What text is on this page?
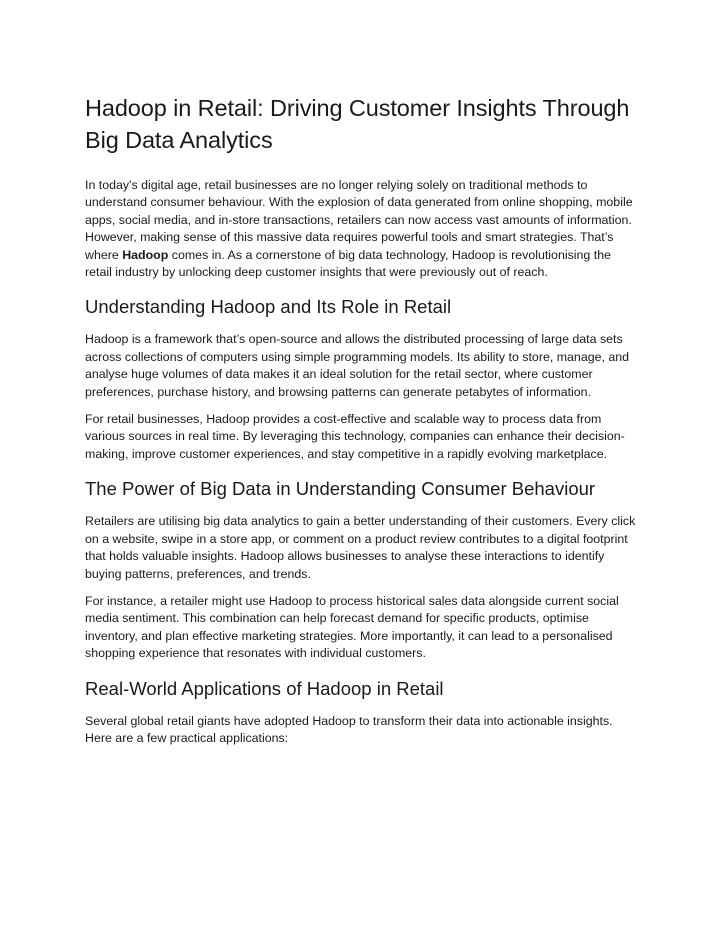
Hadoop in Retail: Driving Customer Insights Through Big Data Analytics

In today's digital age, retail businesses are no longer relying solely on traditional methods to understand consumer behaviour. With the explosion of data generated from online shopping, mobile apps, social media, and in-store transactions, retailers can now access vast amounts of information. However, making sense of this massive data requires powerful tools and smart strategies. That’s where Hadoop comes in. As a cornerstone of big data technology, Hadoop is revolutionising the retail industry by unlocking deep customer insights that were previously out of reach.

Understanding Hadoop and Its Role in Retail

Hadoop is a framework that’s open-source and allows the distributed processing of large data sets across collections of computers using simple programming models. Its ability to store, manage, and analyse huge volumes of data makes it an ideal solution for the retail sector, where customer preferences, purchase history, and browsing patterns can generate petabytes of information.

For retail businesses, Hadoop provides a cost-effective and scalable way to process data from various sources in real time. By leveraging this technology, companies can enhance their decision-making, improve customer experiences, and stay competitive in a rapidly evolving marketplace.

The Power of Big Data in Understanding Consumer Behaviour

Retailers are utilising big data analytics to gain a better understanding of their customers. Every click on a website, swipe in a store app, or comment on a product review contributes to a digital footprint that holds valuable insights. Hadoop allows businesses to analyse these interactions to identify buying patterns, preferences, and trends.

For instance, a retailer might use Hadoop to process historical sales data alongside current social media sentiment. This combination can help forecast demand for specific products, optimise inventory, and plan effective marketing strategies. More importantly, it can lead to a personalised shopping experience that resonates with individual customers.

Real-World Applications of Hadoop in Retail

Several global retail giants have adopted Hadoop to transform their data into actionable insights. Here are a few practical applications:
